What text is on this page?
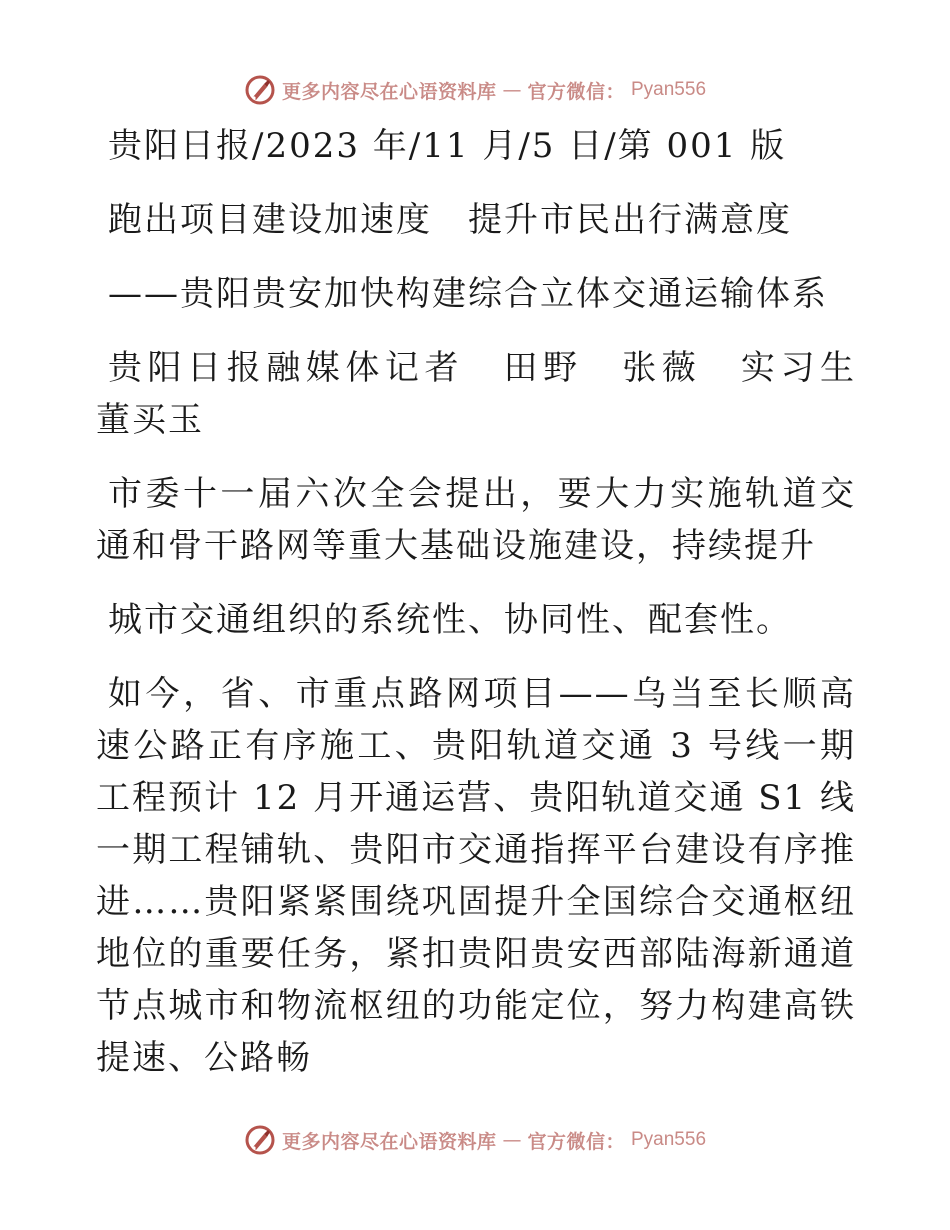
更多内容尽在心语资料库 — 官方微信： Pyan556
贵阳日报/2023 年/11 月/5 日/第 001 版
跑出项目建设加速度　提升市民出行满意度
——贵阳贵安加快构建综合立体交通运输体系
贵阳日报融媒体记者　田野　张薇　实习生　董买玉
市委十一届六次全会提出，要大力实施轨道交通和骨干路网等重大基础设施建设，持续提升
城市交通组织的系统性、协同性、配套性。
如今，省、市重点路网项目——乌当至长顺高速公路正有序施工、贵阳轨道交通 3 号线一期工程预计 12 月开通运营、贵阳轨道交通 S1 线一期工程铺轨、贵阳市交通指挥平台建设有序推进……贵阳紧紧围绕巩固提升全国综合交通枢纽地位的重要任务，紧扣贵阳贵安西部陆海新通道节点城市和物流枢纽的功能定位，努力构建高铁提速、公路畅
更多内容尽在心语资料库 — 官方微信： Pyan556
